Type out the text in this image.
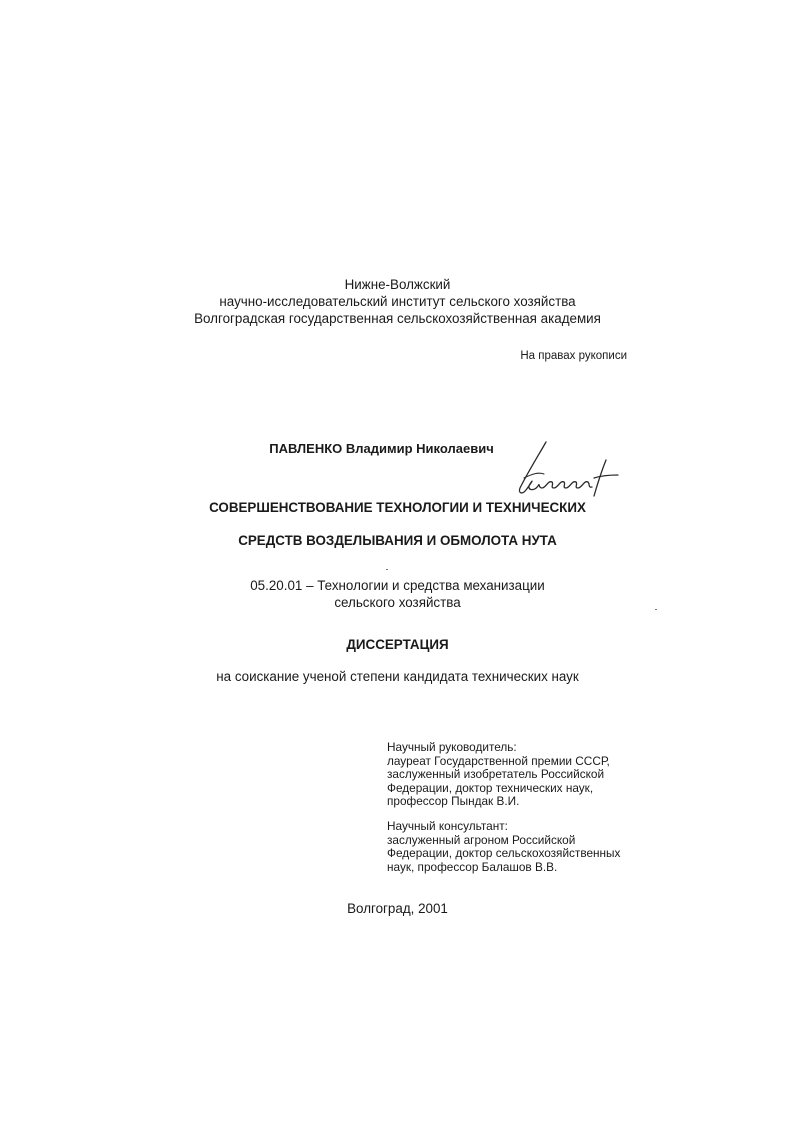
Нижне-Волжский
научно-исследовательский институт сельского хозяйства
Волгоградская государственная сельскохозяйственная академия
На правах рукописи
ПАВЛЕНКО Владимир Николаевич
СОВЕРШЕНСТВОВАНИЕ ТЕХНОЛОГИИ И ТЕХНИЧЕСКИХ
СРЕДСТВ ВОЗДЕЛЫВАНИЯ И ОБМОЛОТА НУТА
05.20.01 – Технологии и средства механизации
сельского хозяйства
ДИССЕРТАЦИЯ
на соискание ученой степени кандидата технических наук
Научный руководитель:
лауреат Государственной премии СССР,
заслуженный изобретатель Российской
Федерации, доктор технических наук,
профессор Пындак В.И.
Научный консультант:
заслуженный агроном Российской
Федерации, доктор сельскохозяйственных
наук, профессор Балашов В.В.
Волгоград, 2001
